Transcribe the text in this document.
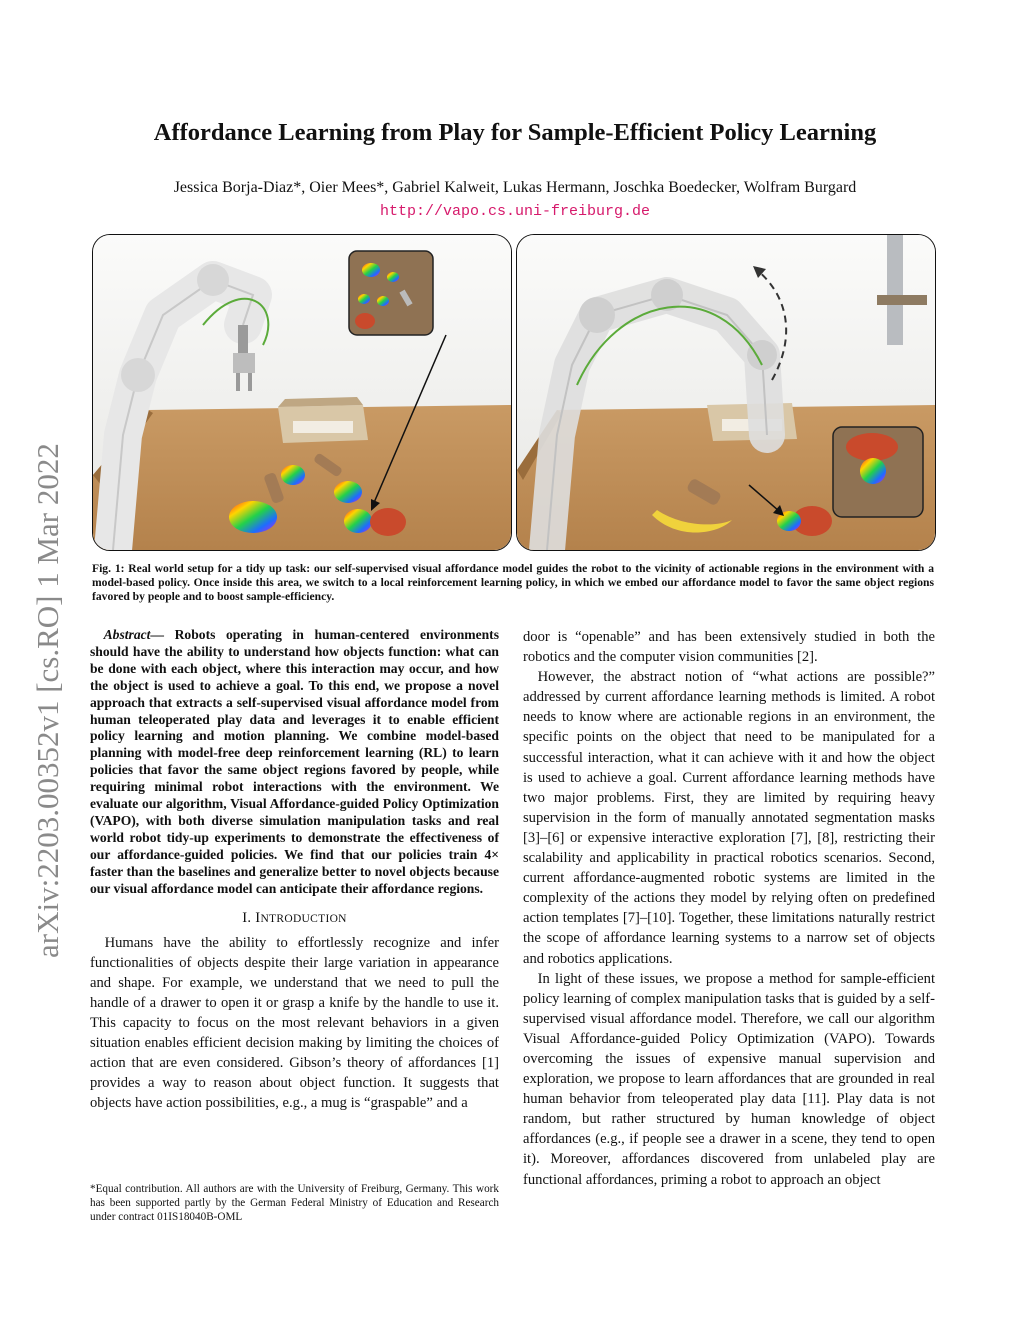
arXiv:2203.00352v1 [cs.RO] 1 Mar 2022
Affordance Learning from Play for Sample-Efficient Policy Learning
Jessica Borja-Diaz*, Oier Mees*, Gabriel Kalweit, Lukas Hermann, Joschka Boedecker, Wolfram Burgard
http://vapo.cs.uni-freiburg.de
Fig. 1: Real world setup for a tidy up task: our self-supervised visual affordance model guides the robot to the vicinity of actionable regions in the environment with a model-based policy. Once inside this area, we switch to a local reinforcement learning policy, in which we embed our affordance model to favor the same object regions favored by people and to boost sample-efficiency.

Abstract— Robots operating in human-centered environments should have the ability to understand how objects function: what can be done with each object, where this interaction may occur, and how the object is used to achieve a goal. To this end, we propose a novel approach that extracts a self-supervised visual affordance model from human teleoperated play data and leverages it to enable efficient policy learning and motion planning. We combine model-based planning with model-free deep reinforcement learning (RL) to learn policies that favor the same object regions favored by people, while requiring minimal robot interactions with the environment. We evaluate our algorithm, Visual Affordance-guided Policy Optimization (VAPO), with both diverse simulation manipulation tasks and real world robot tidy-up experiments to demonstrate the effectiveness of our affordance-guided policies. We find that our policies train 4× faster than the baselines and generalize better to novel objects because our visual affordance model can anticipate their affordance regions.

I. INTRODUCTION

Humans have the ability to effortlessly recognize and infer functionalities of objects despite their large variation in appearance and shape. For example, we understand that we need to pull the handle of a drawer to open it or grasp a knife by the handle to use it. This capacity to focus on the most relevant behaviors in a given situation enables efficient decision making by limiting the choices of action that are even considered. Gibson’s theory of affordances [1] provides a way to reason about object function. It suggests that objects have action possibilities, e.g., a mug is “graspable” and a

*Equal contribution. All authors are with the University of Freiburg, Germany. This work has been supported partly by the German Federal Ministry of Education and Research under contract 01IS18040B-OML

door is “openable” and has been extensively studied in both the robotics and the computer vision communities [2].

However, the abstract notion of “what actions are possible?” addressed by current affordance learning methods is limited. A robot needs to know where are actionable regions in an environment, the specific points on the object that need to be manipulated for a successful interaction, what it can achieve with it and how the object is used to achieve a goal. Current affordance learning methods have two major problems. First, they are limited by requiring heavy supervision in the form of manually annotated segmentation masks [3]–[6] or expensive interactive exploration [7], [8], restricting their scalability and applicability in practical robotics scenarios. Second, current affordance-augmented robotic systems are limited in the complexity of the actions they model by relying often on predefined action templates [7]–[10]. Together, these limitations naturally restrict the scope of affordance learning systems to a narrow set of objects and robotics applications.

In light of these issues, we propose a method for sample-efficient policy learning of complex manipulation tasks that is guided by a self-supervised visual affordance model. Therefore, we call our algorithm Visual Affordance-guided Policy Optimization (VAPO). Towards overcoming the issues of expensive manual supervision and exploration, we propose to learn affordances that are grounded in real human behavior from teleoperated play data [11]. Play data is not random, but rather structured by human knowledge of object affordances (e.g., if people see a drawer in a scene, they tend to open it). Moreover, affordances discovered from unlabeled play are functional affordances, priming a robot to approach an object
